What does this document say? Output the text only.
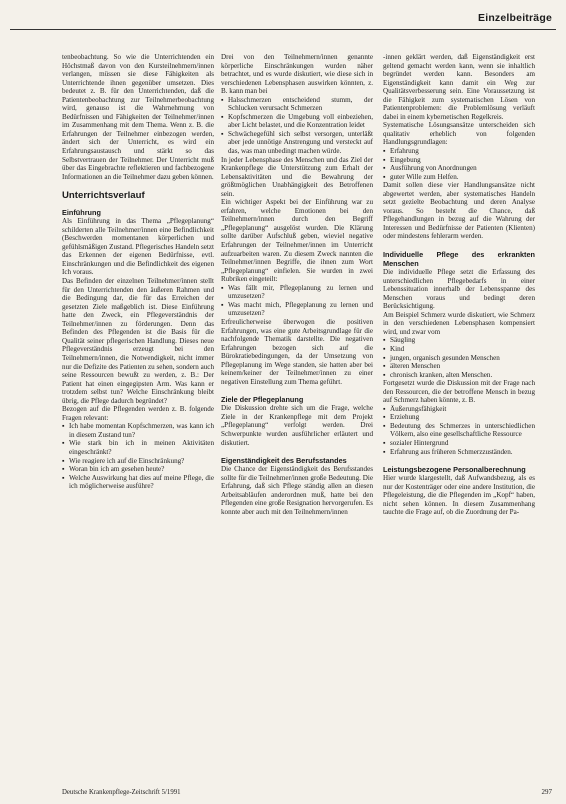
Einzelbeiträge

tenbeobachtung. So wie die Unterrichtenden ein Höchstmaß davon von den Kursteilnehmern/innen verlangen, müssen sie diese Fähigkeiten als Unterrichtende ihnen gegenüber umsetzen. Dies bedeutet z. B. für den Unterrichtenden, daß die Patientenbeobachtung zur Teilnehmerbeobachtung wird, genauso ist die Wahrnehmung von Bedürfnissen und Fähigkeiten der Teilnehmer/innen im Zusammenhang mit dem Thema. Wenn z. B. die Erfahrungen der Teilnehmer einbezogen werden, ändert sich der Unterricht, es wird ein Erfahrungsaustausch und stärkt so das Selbstvertrauen der Teilnehmer. Der Unterricht muß über das Eingebrachte reflektieren und fachbezogene Informationen an die Teilnehmer dazu geben können.

Unterrichtsverlauf
Einführung

Als Einführung in das Thema „Pflegeplanung“ schilderten alle Teilnehmer/innen eine Befindlichkeit (Beschwerden momentanen körperlichen und gefühlsmäßigen Zustand. Pflegerisches Handeln setzt das Erkennen der eigenen Bedürfnisse, evtl. Einschränkungen und die Befindlichkeit des eigenen Ich voraus.

Das Befinden der einzelnen Teilnehmer/innen stellt für den Unterrichtenden den äußeren Rahmen und die Bedingung dar, die für das Erreichen der gesetzten Ziele maßgeblich ist. Diese Einführung hatte den Zweck, ein Pflegeverständnis der Teilnehmer/innen zu förderungen. Denn das Befinden des Pflegenden ist die Basis für die Qualität seiner pflegerischen Handlung. Dieses neue Pflegeverständnis erzeugt bei den Teilnehmern/innen, die Notwendigkeit, nicht immer nur die Defizite des Patienten zu sehen, sondern auch seine Ressourcen bewußt zu werden, z. B.: Der Patient hat einen eingegipsten Arm. Was kann er trotzdem selbst tun? Welche Einschränkung bleibt übrig, die Pflege dadurch begründet?

Bezogen auf die Pflegenden werden z. B. folgende Fragen relevant:

▪ Ich habe momentan Kopfschmerzen, was kann ich in diesem Zustand tun?
▪ Wie stark bin ich in meinen Aktivitäten eingeschränkt?
▪ Wie reagiere ich auf die Einschränkung?
▪ Woran bin ich am gesehen heute?
▪ Welche Auswirkung hat dies auf meine Pflege, die ich möglicherweise ausführe?

Drei von den Teilnehmern/innen genannte körperliche Einschränkungen wurden näher betrachtet, und es wurde diskutiert, wie diese sich in verschiedenen Lebensphasen auswirken könnten, z. B. kann man bei

▪ Halsschmerzen entscheidend stumm, der Schlucken verursacht Schmerzen
▪ Kopfschmerzen die Umgebung voll einbeziehen, aber Licht belastet, und die Konzentration leidet
▪ Schwächegefühl sich selbst versorgen, unterläßt aber jede unnötige Anstrengung und versteckt auf das, was man unbedingt machen würde.

In jeder Lebensphase des Menschen und das Ziel der Krankenpflege die Unterstützung zum Erhalt der Lebensaktivitäten und die Bewahrung der größtmöglichen Unabhängigkeit des Betroffenen sein.

Ein wichtiger Aspekt bei der Einführung war zu erfahren, welche Emotionen bei den Teilnehmern/innen durch den Begriff „Pflegeplanung“ ausgelöst wurden. Die Klärung sollte darüber Aufschluß geben, wieviel negative Erfahrungen der Teilnehmer/innen im Unterricht aufzuarbeiten waren. Zu diesem Zweck nannten die Teilnehmer/innen Begriffe, die ihnen zum Wort „Pflegeplanung“ einfielen. Sie wurden in zwei Rubriken eingeteilt:

▪ Was fällt mir, Pflegeplanung zu lernen und umzusetzen?
▪ Was macht mich, Pflegeplanung zu lernen und umzusetzen?

Erfreulicherweise überwogen die positiven Erfahrungen, was eine gute Arbeitsgrundlage für die nachfolgende Thematik darstellte. Die negativen Erfahrungen bezogen sich auf die Bürokratiebedingungen, da der Umsetzung von Pflegeplanung im Wege standen, sie hatten aber bei keinem/keiner der Teilnehmer/innen zu einer negativen Einstellung zum Thema geführt.

Ziele der Pflegeplanung

Die Diskussion drehte sich um die Frage, welche Ziele in der Krankenpflege mit dem Projekt „Pflegeplanung“ verfolgt werden. Drei Schwerpunkte wurden ausführlicher erläutert und diskutiert.

Eigenständigkeit des Berufsstandes

Die Chance der Eigenständigkeit des Berufsstandes sollte für die Teilnehmer/innen große Bedeutung. Die Erfahrung, daß sich Pflege ständig allen an diesen Arbeitsabläufen anderordnen muß, hatte bei den Pflegenden eine große Resignation hervorgerufen. Es konnte aber auch mit den Teilnehmern/innen

-innen geklärt werden, daß Eigenständigkeit erst geltend gemacht werden kann, wenn sie inhaltlich begründet werden kann. Besonders am Eigenständigkeit kann damit ein Weg zur Qualitätsverbesserung sein. Eine Voraussetzung ist die Fähigkeit zum systematischen Lösen von Patientenproblemen: die Problemlösung verläuft dabei in einem kybernetischen Regelkreis.

Systematische Lösungsansätze unterscheiden sich qualitativ erheblich von folgenden Handlungsgrundlagen:

▪ Erfahrung
▪ Eingebung
▪ Ausführung von Anordnungen
▪ guter Wille zum Helfen.

Damit sollen diese vier Handlungsansätze nicht abgewertet werden, aber systematisches Handeln setzt gezielte Beobachtung und deren Analyse voraus. So besteht die Chance, daß Pflegehandlungen in bezug auf die Wahrung der Interessen und Bedürfnisse der Patienten (Klienten) oder mindestens fehlerarm werden.

Individuelle Pflege des erkrankten Menschen

Die individuelle Pflege setzt die Erfassung des unterschiedlichen Pflegebedarfs in einer Lebenssituation innerhalb der Lebensspanne des Menschen voraus und bedingt deren Berücksichtigung.

Am Beispiel Schmerz wurde diskutiert, wie Schmerz in den verschiedenen Lebensphasen kompensiert wird, und zwar vom

▪ Säugling
▪ Kind
▪ jungen, organisch gesunden Menschen
▪ älteren Menschen
▪ chronisch kranken, alten Menschen.

Fortgesetzt wurde die Diskussion mit der Frage nach den Ressourcen, die der betroffene Mensch in bezug auf Schmerz haben könnte, z. B.

▪ Äußerungsfähigkeit
▪ Erziehung
▪ Bedeutung des Schmerzes in unterschiedlichen Völkern, also eine gesellschaftliche Ressource
▪ sozialer Hintergrund
▪ Erfahrung aus früheren Schmerzzuständen.
Leistungsbezogene Personalberechnung

Hier wurde klargestellt, daß Aufwandsbezug, als es nur der Kostenträger oder eine andere Institution, die Pflegeleistung, die die Pflegenden im „Kopf“ haben, nicht sehen können. In diesem Zusammenhang tauchte die Frage auf, ob die Zuordnung der Pa-

Deutsche Krankenpflege-Zeitschrift 5/1991	297
